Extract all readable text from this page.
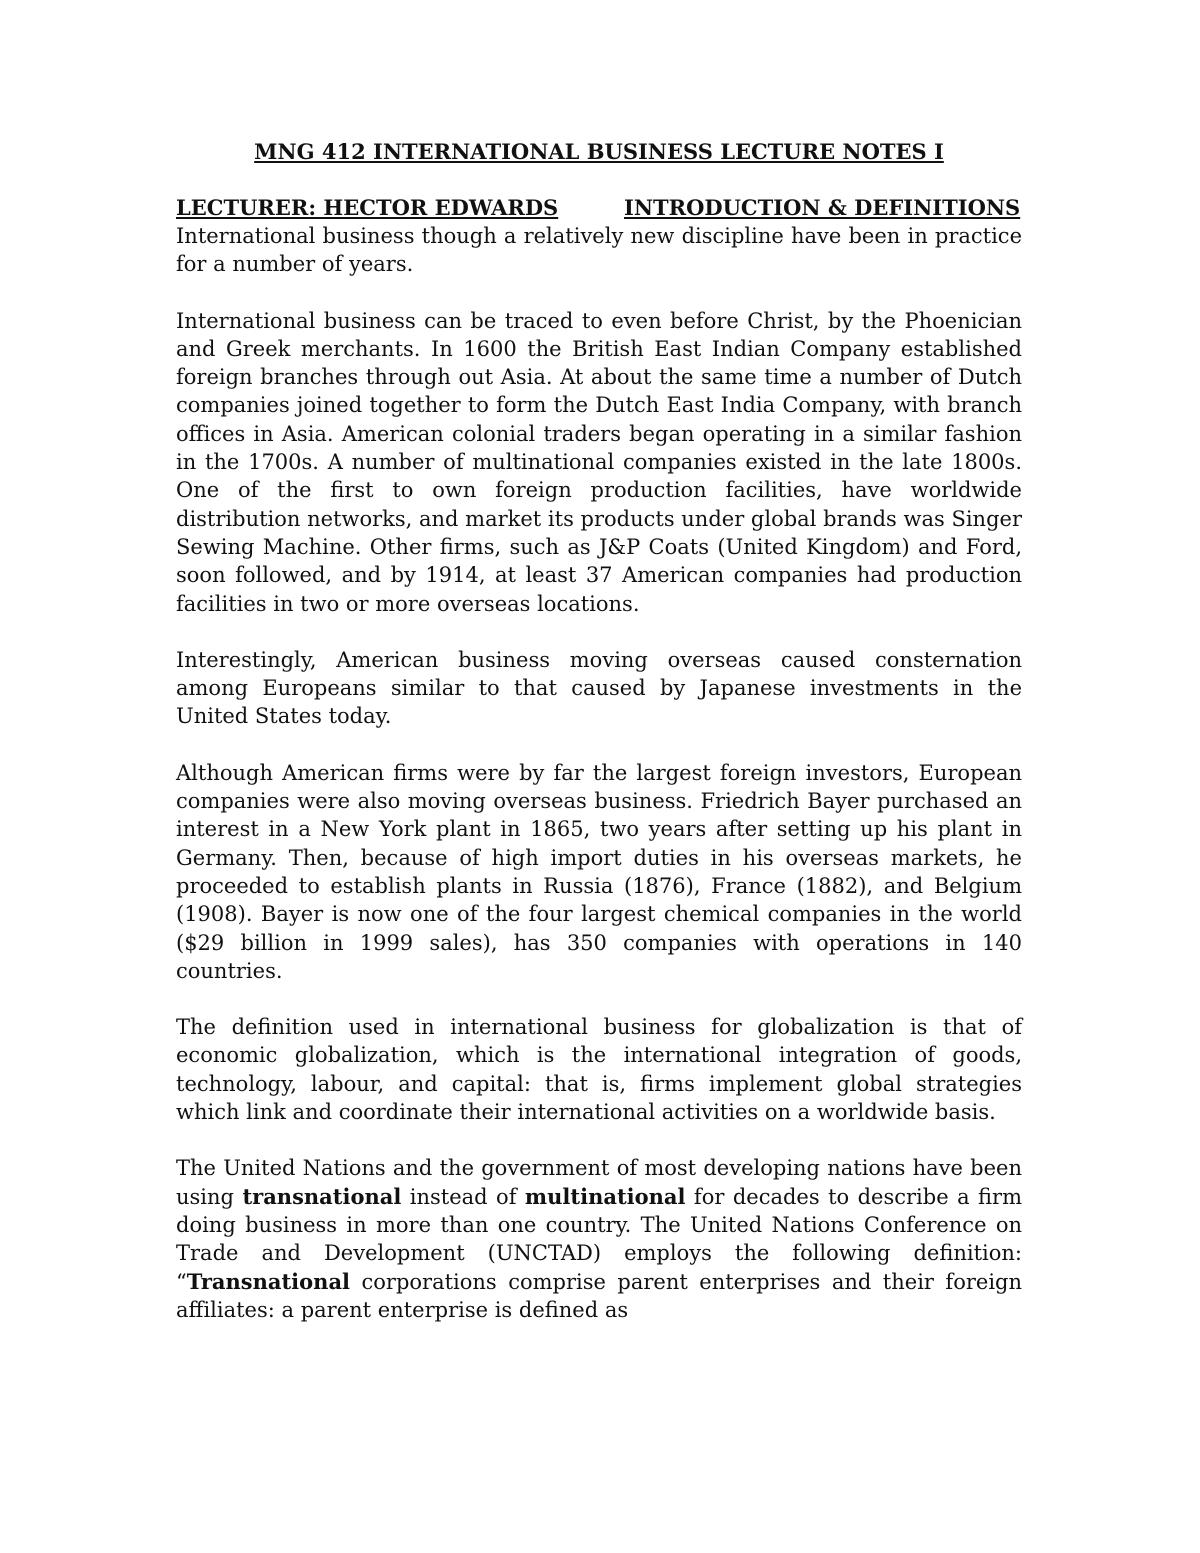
MNG 412 INTERNATIONAL BUSINESS LECTURE NOTES I
LECTURER: HECTOR EDWARDS	INTRODUCTION & DEFINITIONS

International business though a relatively new discipline have been in practice for a number of years.

International business can be traced to even before Christ, by the Phoenician and Greek merchants. In 1600 the British East Indian Company established foreign branches through out Asia. At about the same time a number of Dutch companies joined together to form the Dutch East India Company, with branch offices in Asia. American colonial traders began operating in a similar fashion in the 1700s. A number of multinational companies existed in the late 1800s. One of the first to own foreign production facilities, have worldwide distribution networks, and market its products under global brands was Singer Sewing Machine. Other firms, such as J&P Coats (United Kingdom) and Ford, soon followed, and by 1914, at least 37 American companies had production facilities in two or more overseas locations.

Interestingly, American business moving overseas caused consternation among Europeans similar to that caused by Japanese investments in the United States today.

Although American firms were by far the largest foreign investors, European companies were also moving overseas business. Friedrich Bayer purchased an interest in a New York plant in 1865, two years after setting up his plant in Germany. Then, because of high import duties in his overseas markets, he proceeded to establish plants in Russia (1876), France (1882), and Belgium (1908). Bayer is now one of the four largest chemical companies in the world ($29 billion in 1999 sales), has 350 companies with operations in 140 countries.

The definition used in international business for globalization is that of economic globalization, which is the international integration of goods, technology, labour, and capital: that is, firms implement global strategies which link and coordinate their international activities on a worldwide basis.

The United Nations and the government of most developing nations have been using transnational instead of multinational for decades to describe a firm doing business in more than one country. The United Nations Conference on Trade and Development (UNCTAD) employs the following definition: “Transnational corporations comprise parent enterprises and their foreign affiliates: a parent enterprise is defined as
